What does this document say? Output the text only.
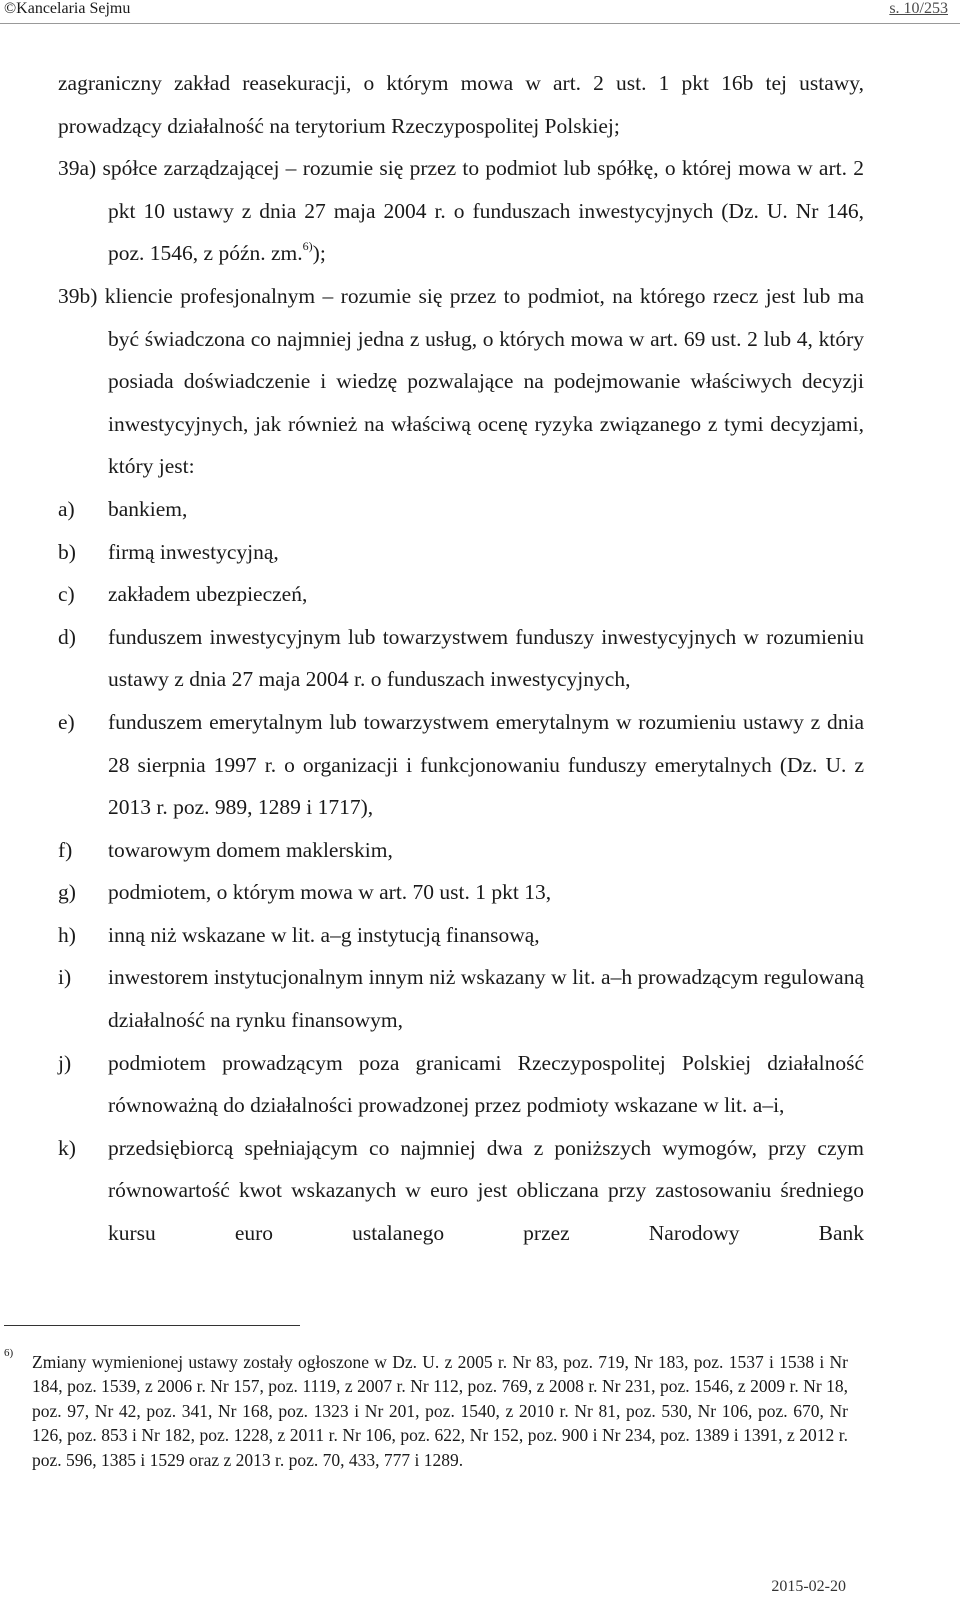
©Kancelaria Sejmu	s. 10/253

zagraniczny zakład reasekuracji, o którym mowa w art. 2 ust. 1 pkt 16b tej ustawy, prowadzący działalność na terytorium Rzeczypospolitej Polskiej;

39a) spółce zarządzającej – rozumie się przez to podmiot lub spółkę, o której mowa w art. 2 pkt 10 ustawy z dnia 27 maja 2004 r. o funduszach inwestycyjnych (Dz. U. Nr 146, poz. 1546, z późn. zm.$^{6)}$);

39b) kliencie profesjonalnym – rozumie się przez to podmiot, na którego rzecz jest lub ma być świadczona co najmniej jedna z usług, o których mowa w art. 69 ust. 2 lub 4, który posiada doświadczenie i wiedzę pozwalające na podejmowanie właściwych decyzji inwestycyjnych, jak również na właściwą ocenę ryzyka związanego z tymi decyzjami, który jest:

a) bankiem,
b) firmą inwestycyjną,
c) zakładem ubezpieczeń,
d) funduszem inwestycyjnym lub towarzystwem funduszy inwestycyjnych w rozumieniu ustawy z dnia 27 maja 2004 r. o funduszach inwestycyjnych,
e) funduszem emerytalnym lub towarzystwem emerytalnym w rozumieniu ustawy z dnia 28 sierpnia 1997 r. o organizacji i funkcjonowaniu funduszy emerytalnych (Dz. U. z 2013 r. poz. 989, 1289 i 1717),
f) towarowym domem maklerskim,
g) podmiotem, o którym mowa w art. 70 ust. 1 pkt 13,
h) inną niż wskazane w lit. a–g instytucją finansową,
i) inwestorem instytucjonalnym innym niż wskazany w lit. a–h prowadzącym regulowaną działalność na rynku finansowym,
j) podmiotem prowadzącym poza granicami Rzeczypospolitej Polskiej działalność równoważną do działalności prowadzonej przez podmioty wskazane w lit. a–i,
k) przedsiębiorcą spełniającym co najmniej dwa z poniższych wymogów, przy czym równowartość kwot wskazanych w euro jest obliczana przy zastosowaniu średniego kursu euro ustalanego przez Narodowy Bank
6)	Zmiany wymienionej ustawy zostały ogłoszone w Dz. U. z 2005 r. Nr 83, poz. 719, Nr 183, poz. 1537 i 1538 i Nr 184, poz. 1539, z 2006 r. Nr 157, poz. 1119, z 2007 r. Nr 112, poz. 769, z 2008 r. Nr 231, poz. 1546, z 2009 r. Nr 18, poz. 97, Nr 42, poz. 341, Nr 168, poz. 1323 i Nr 201, poz. 1540, z 2010 r. Nr 81, poz. 530, Nr 106, poz. 670, Nr 126, poz. 853 i Nr 182, poz. 1228, z 2011 r. Nr 106, poz. 622, Nr 152, poz. 900 i Nr 234, poz. 1389 i 1391, z 2012 r. poz. 596, 1385 i 1529 oraz z 2013 r. poz. 70, 433, 777 i 1289.
2015-02-20
